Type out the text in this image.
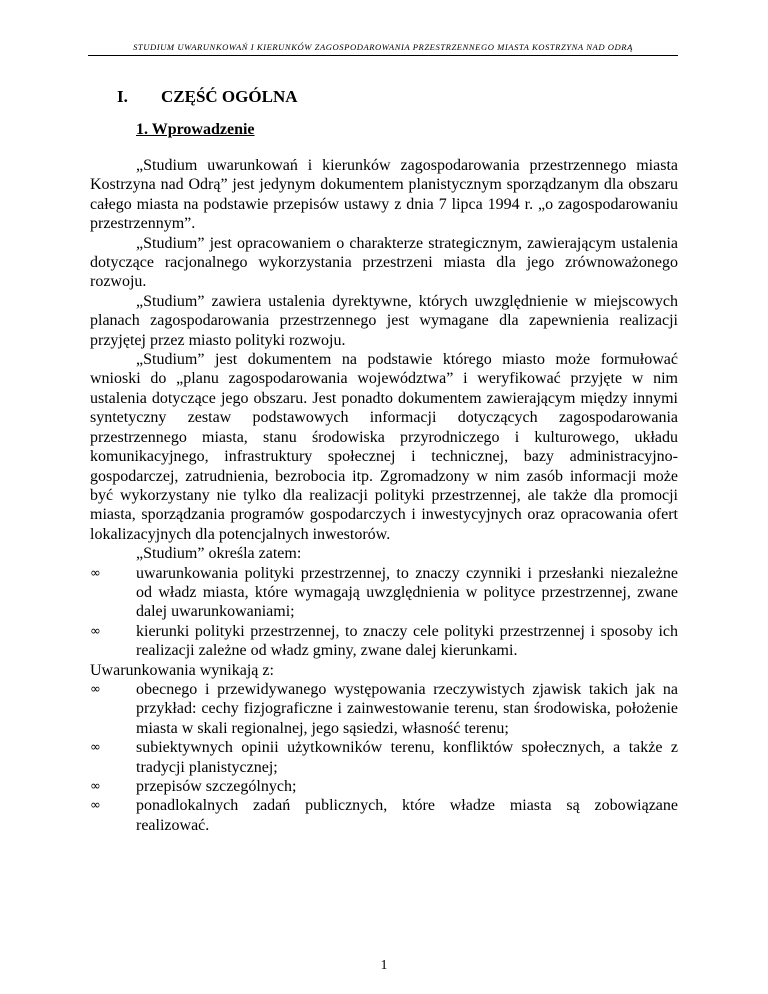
STUDIUM UWARUNKOWAŃ I KIERUNKÓW ZAGOSPODAROWANIA PRZESTRZENNEGO MIASTA KOSTRZYNA NAD ODRĄ
I. CZĘŚĆ OGÓLNA
1. Wprowadzenie

„Studium uwarunkowań i kierunków zagospodarowania przestrzennego miasta Kostrzyna nad Odrą” jest jedynym dokumentem planistycznym sporządzanym dla obszaru całego miasta na podstawie przepisów ustawy z dnia 7 lipca 1994 r. „o zagospodarowaniu przestrzennym”.

„Studium” jest opracowaniem o charakterze strategicznym, zawierającym ustalenia dotyczące racjonalnego wykorzystania przestrzeni miasta dla jego zrównoważonego rozwoju.

„Studium” zawiera ustalenia dyrektywne, których uwzględnienie w miejscowych planach zagospodarowania przestrzennego jest wymagane dla zapewnienia realizacji przyjętej przez miasto polityki rozwoju.

„Studium” jest dokumentem na podstawie którego miasto może formułować wnioski do „planu zagospodarowania województwa” i weryfikować przyjęte w nim ustalenia dotyczące jego obszaru. Jest ponadto dokumentem zawierającym między innymi syntetyczny zestaw podstawowych informacji dotyczących zagospodarowania przestrzennego miasta, stanu środowiska przyrodniczego i kulturowego, układu komunikacyjnego, infrastruktury społecznej i technicznej, bazy administracyjno-gospodarczej, zatrudnienia, bezrobocia itp. Zgromadzony w nim zasób informacji może być wykorzystany nie tylko dla realizacji polityki przestrzennej, ale także dla promocji miasta, sporządzania programów gospodarczych i inwestycyjnych oraz opracowania ofert lokalizacyjnych dla potencjalnych inwestorów.

„Studium” określa zatem:

∞	uwarunkowania polityki przestrzennej, to znaczy czynniki i przesłanki niezależne od władz miasta, które wymagają uwzględnienia w polityce przestrzennej, zwane dalej uwarunkowaniami;
∞	kierunki polityki przestrzennej, to znaczy cele polityki przestrzennej i sposoby ich realizacji zależne od władz gminy, zwane dalej kierunkami.

Uwarunkowania wynikają z:

∞	obecnego i przewidywanego występowania rzeczywistych zjawisk takich jak na przykład: cechy fizjograficzne i zainwestowanie terenu, stan środowiska, położenie miasta w skali regionalnej, jego sąsiedzi, własność terenu;
∞	subiektywnych opinii użytkowników terenu, konfliktów społecznych, a także z tradycji planistycznej;
∞	przepisów szczególnych;
∞	ponadlokalnych zadań publicznych, które władze miasta są zobowiązane realizować.
1
